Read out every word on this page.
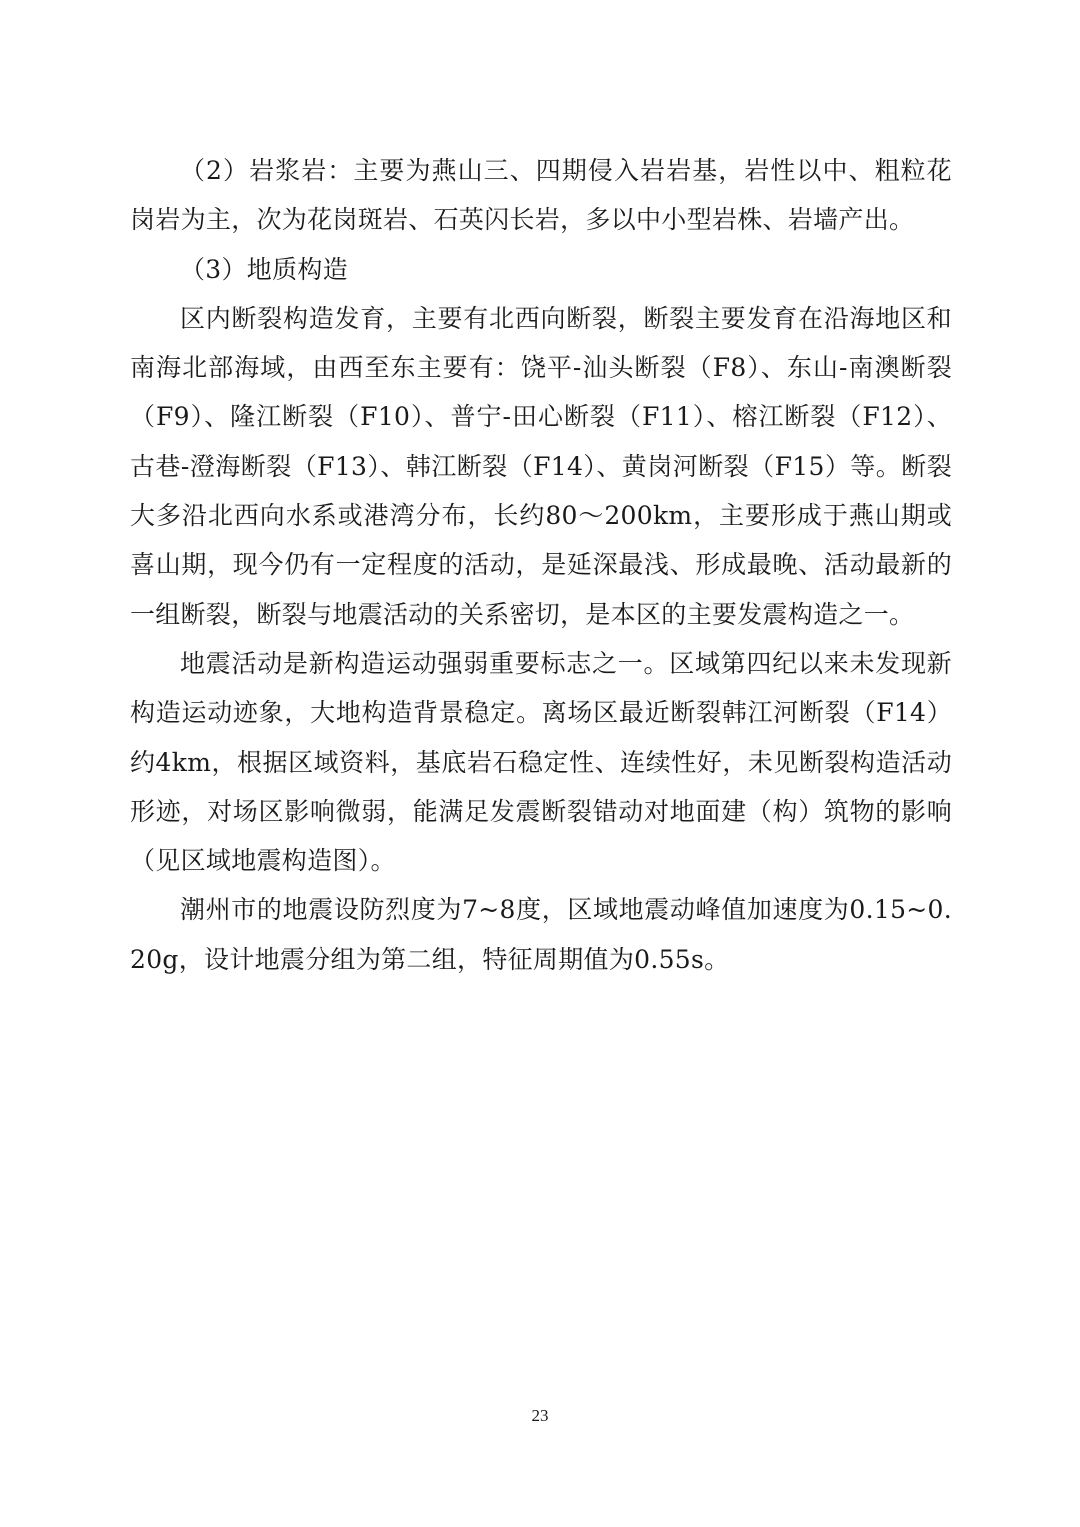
（2）岩浆岩：主要为燕山三、四期侵入岩岩基，岩性以中、粗粒花岗岩为主，次为花岗斑岩、石英闪长岩，多以中小型岩株、岩墙产出。

（3）地质构造

区内断裂构造发育，主要有北西向断裂，断裂主要发育在沿海地区和南海北部海域，由西至东主要有：饶平-汕头断裂（F8）、东山-南澳断裂（F9）、隆江断裂（F10）、普宁-田心断裂（F11）、榕江断裂（F12）、古巷-澄海断裂（F13）、韩江断裂（F14）、黄岗河断裂（F15）等。断裂大多沿北西向水系或港湾分布，长约80～200km，主要形成于燕山期或喜山期，现今仍有一定程度的活动，是延深最浅、形成最晚、活动最新的一组断裂，断裂与地震活动的关系密切，是本区的主要发震构造之一。

地震活动是新构造运动强弱重要标志之一。区域第四纪以来未发现新构造运动迹象，大地构造背景稳定。离场区最近断裂韩江河断裂（F14）约4km，根据区域资料，基底岩石稳定性、连续性好，未见断裂构造活动形迹，对场区影响微弱，能满足发震断裂错动对地面建（构）筑物的影响（见区域地震构造图）。

潮州市的地震设防烈度为7~8度，区域地震动峰值加速度为0.15~0.20g，设计地震分组为第二组，特征周期值为0.55s。

23
